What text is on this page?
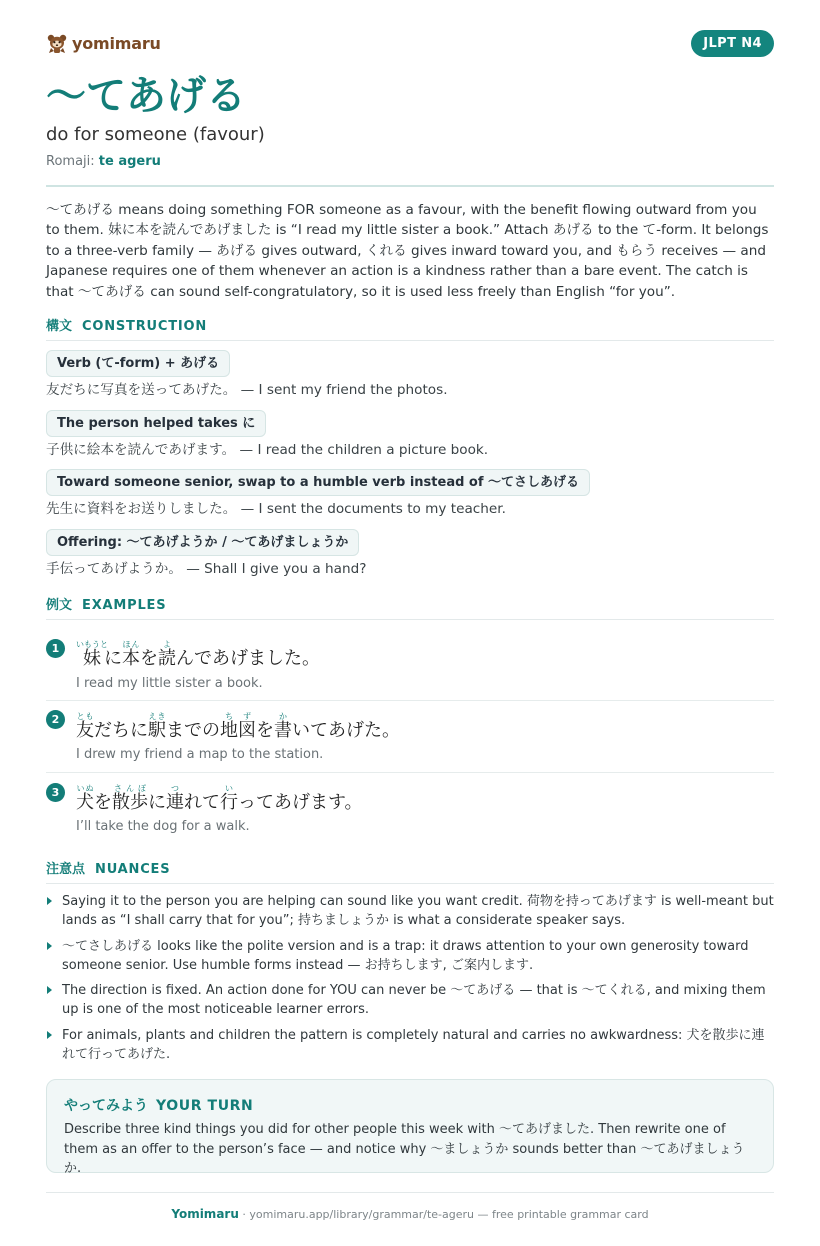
yomimaru	JLPT N4
〜てあげる
do for someone (favour)
Romaji: te ageru

〜てあげる means doing something FOR someone as a favour, with the benefit flowing outward from you to them. 妹に本を読んであげました is “I read my little sister a book.” Attach あげる to the て-form. It belongs to a three-verb family — あげる gives outward, くれる gives inward toward you, and もらう receives — and Japanese requires one of them whenever an action is a kindness rather than a bare event. The catch is that 〜てあげる can sound self-congratulatory, so it is used less freely than English “for you”.

構文 CONSTRUCTION
Verb (て-form) + あげる
友だちに写真を送ってあげた。 — I sent my friend the photos.
The person helped takes に
子供に絵本を読んであげます。 — I read the children a picture book.
Toward someone senior, swap to a humble verb instead of 〜てさしあげる
先生に資料をお送りしました。 — I sent the documents to my teacher.
Offering: 〜てあげようか / 〜てあげましょうか
手伝ってあげようか。 — Shall I give you a hand?
例文 EXAMPLES
1 妹いもうとに本ほんを読よんであげました。
I read my little sister a book.
2
友ともだちに駅えきまでの地ち図ずを書かいてあげた。
I drew my friend a map to the station.
3 犬いぬを散歩さんぽに連つれて行いってあげます。
I’ll take the dog for a walk.
注意点 NUANCES
Saying it to the person you are helping can sound like you want credit. 荷物を持ってあげます is well-meant but lands as “I shall carry that for you”; 持ちましょうか is what a considerate speaker says.
〜てさしあげる looks like the polite version and is a trap: it draws attention to your own generosity toward someone senior. Use humble forms instead — お持ちします, ご案内します.
The direction is fixed. An action done for YOU can never be 〜てあげる — that is 〜てくれる, and mixing them up is one of the most noticeable learner errors.
For animals, plants and children the pattern is completely natural and carries no awkwardness: 犬を散歩に連れて行ってあげた.
やってみよう YOUR TURN
Describe three kind things you did for other people this week with 〜てあげました. Then rewrite one of them as an offer to the person’s face — and notice why 〜ましょうか sounds better than 〜てあげましょうか.
Yomimaru · yomimaru.app/library/grammar/te-ageru — free printable grammar card
